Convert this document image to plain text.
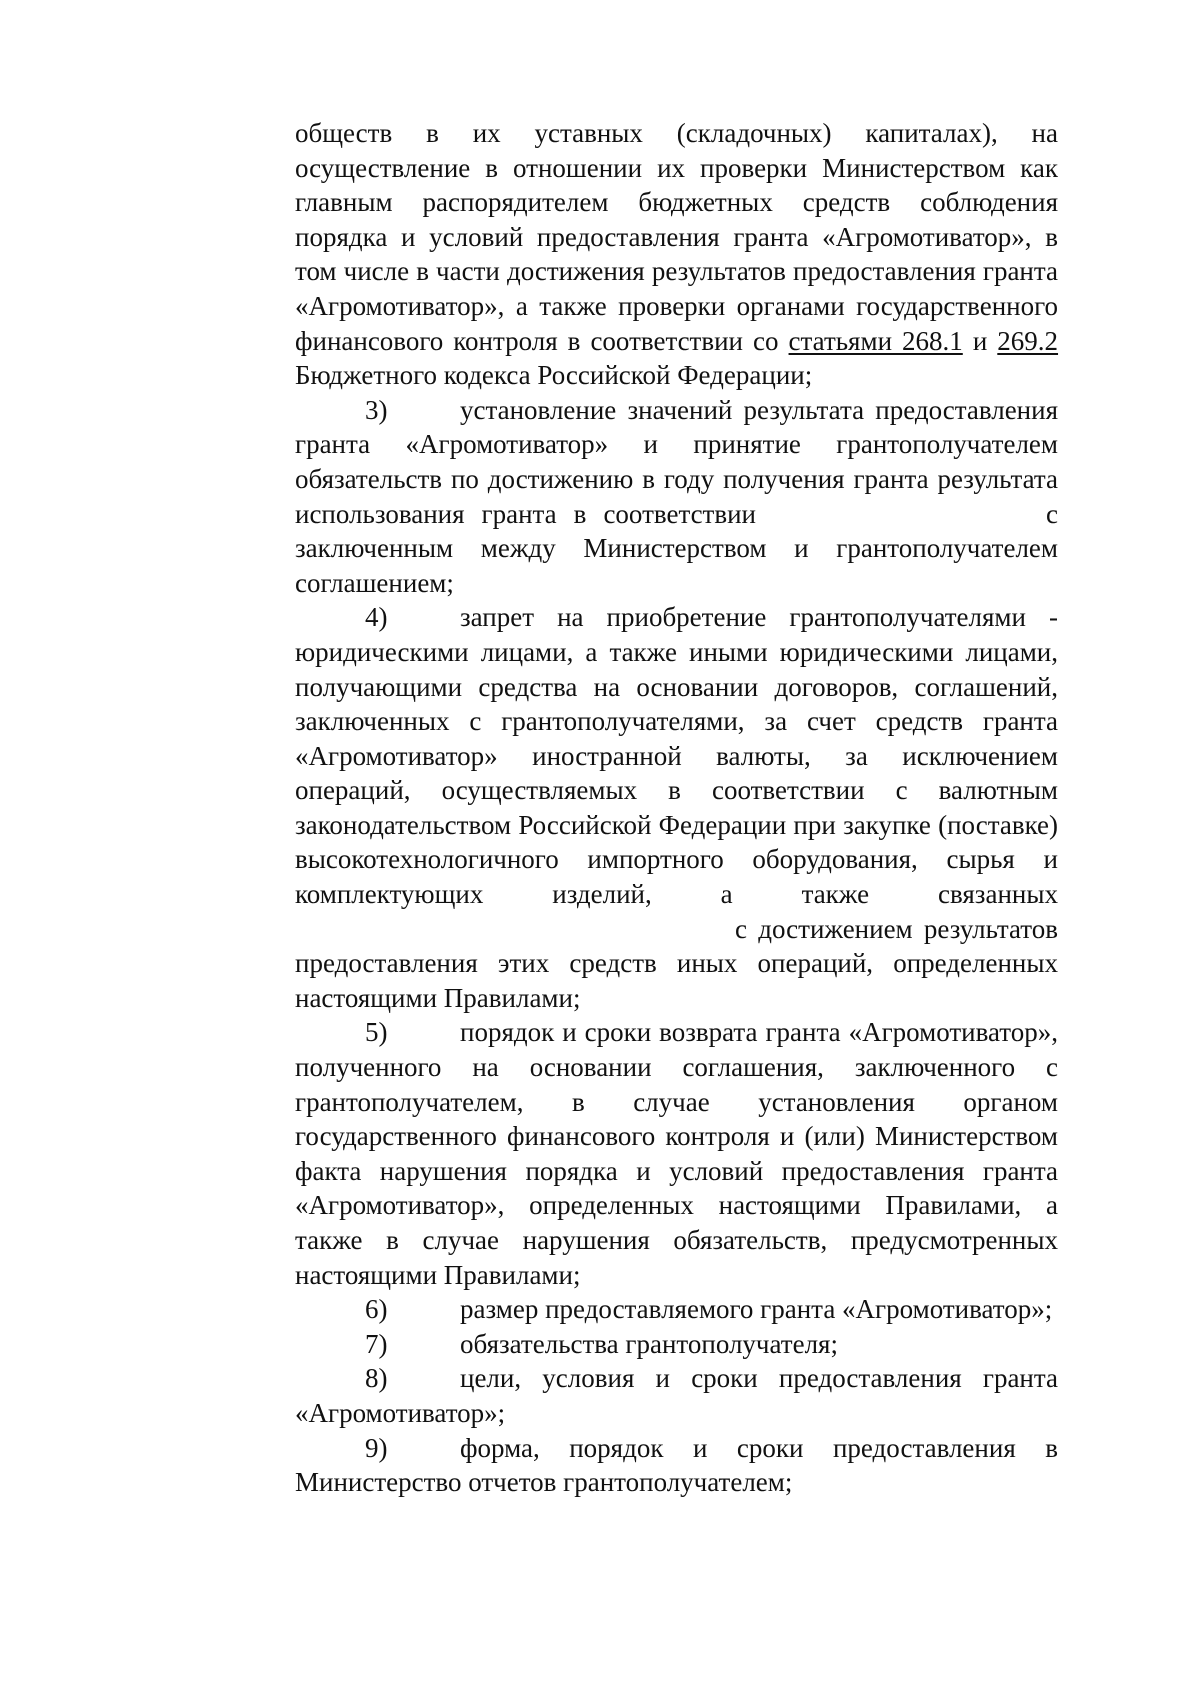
обществ в их уставных (складочных) капиталах), на осуществление в отношении их проверки Министерством как главным распорядителем бюджетных средств соблюдения порядка и условий предоставления гранта «Агромотиватор», в том числе в части достижения результатов предоставления гранта «Агромотиватор», а также проверки органами государственного финансового контроля в соответствии со статьями 268.1 и 269.2 Бюджетного кодекса Российской Федерации;

3)	установление значений результата предоставления гранта «Агромотиватор» и принятие грантополучателем обязательств по достижению в году получения гранта результата использования гранта в соответствии	с заключенным между Министерством и грантополучателем соглашением;

4)	запрет на приобретение грантополучателями - юридическими лицами, а также иными юридическими лицами, получающими средства на основании договоров, соглашений, заключенных с грантополучателями, за счет средств гранта «Агромотиватор» иностранной валюты, за исключением операций, осуществляемых в соответствии с валютным законодательством Российской Федерации при закупке (поставке) высокотехнологичного импортного оборудования, сырья и комплектующих изделий, а также связанныхс достижением результатов предоставления этих средств иных операций, определенных настоящими Правилами;

5)	порядок и сроки возврата гранта «Агромотиватор», полученного на основании соглашения, заключенного с грантополучателем, в случае установления органом государственного финансового контроля и (или) Министерством факта нарушения порядка и условий предоставления гранта «Агромотиватор», определенных настоящими Правилами, а также в случае нарушения обязательств, предусмотренных настоящими Правилами;

6)	размер предоставляемого гранта «Агромотиватор»;

7)	обязательства грантополучателя;

8)	цели, условия и сроки предоставления гранта «Агромотиватор»;

9)	форма, порядок и сроки предоставления в Министерство отчетов грантополучателем;
